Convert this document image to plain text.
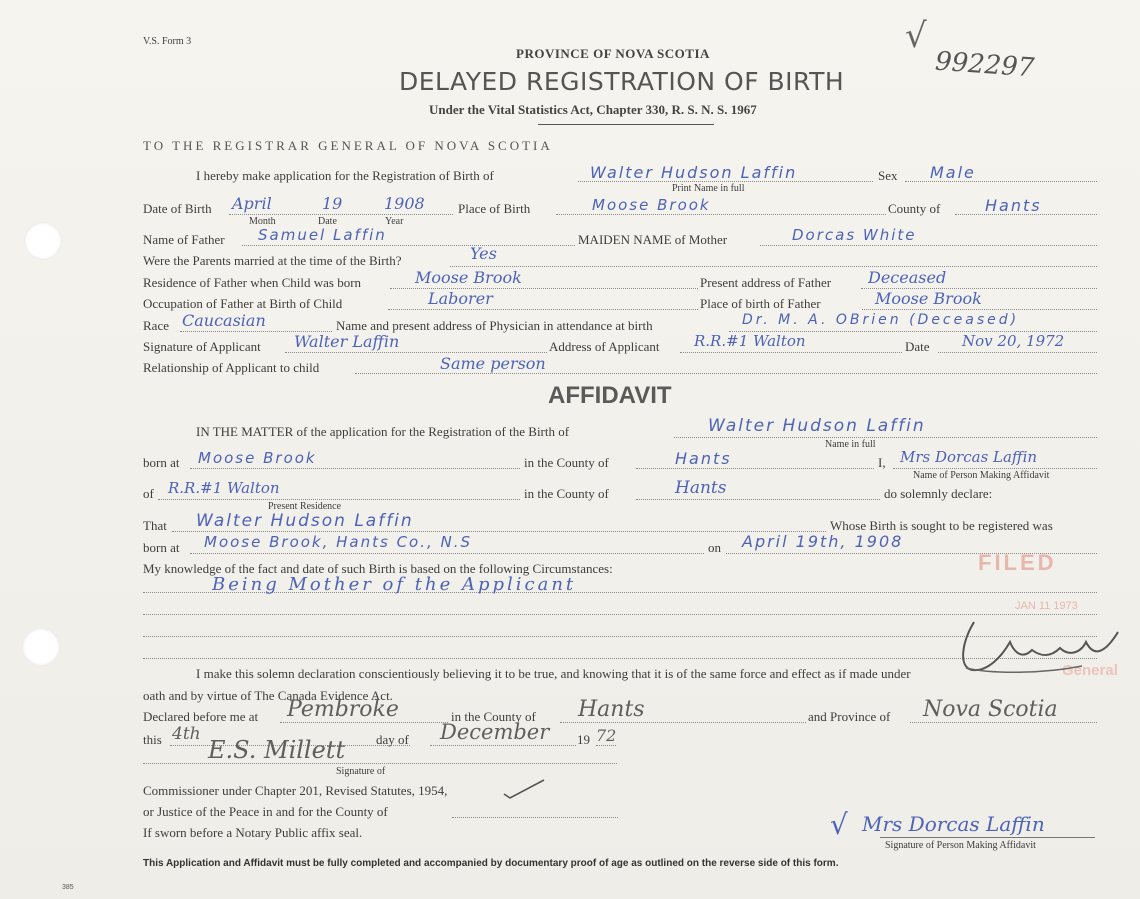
V.S. Form 3
PROVINCE OF NOVA SCOTIA
DELAYED REGISTRATION OF BIRTH
Under the Vital Statistics Act, Chapter 330, R. S. N. S. 1967
√
992297
TO THE REGISTRAR GENERAL OF NOVA SCOTIA
I hereby make application for the Registration of Birth of	Walter Hudson Laffin	Sex Male
Print Name in full
Date of Birth April	19	1908
Month	Date	Year
Place of Birth	Moose Brook	County of	Hants
Name of Father Samuel Laffin	MAIDEN NAME of Mother	Dorcas White
Were the Parents married at the time of the Birth?	Yes
Residence of Father when Child was born	Moose Brook	Present address of Father Deceased
Occupation of Father at Birth of Child	Laborer	Place of birth of Father	Moose Brook
Race Caucasian	Name and present address of Physician in attendance at birth	Dr. M. A. OBrien (Deceased)
Signature of Applicant Walter Laffin	Address of Applicant R.R.#1 Walton	Date Nov 20, 1972
Relationship of Applicant to child	Same person
AFFIDAVIT
IN THE MATTER of the application for the Registration of the Birth of	Walter Hudson Laffin
Name in full
born at Moose Brook	in the County of	Hants	I, Mrs Dorcas Laffin
Name of Person Making Affidavit
of R.R.#1 Walton
Present Residence
in the County of	Hants	do solemnly declare:
That Walter Hudson Laffin	Whose Birth is sought to be registered was
born at Moose Brook, Hants Co., N.S	on April 19th, 1908
My knowledge of the fact and date of such Birth is based on the following Circumstances:
Being Mother of the Applicant
FILED
JAN 11 1973
General
I make this solemn declaration conscientiously believing it to be true, and knowing that it is of the same force and effect as if made under
oath and by virtue of The Canada Evidence Act.
Declared before me at Pembroke	in the County of Hants	and Province of Nova Scotia
this 4th	day of December 19 72
E.S. Millett
Signature of
Commissioner under Chapter 201, Revised Statutes, 1954,
or Justice of the Peace in and for the County of
If sworn before a Notary Public affix seal.	√ Mrs Dorcas Laffin
Signature of Person Making Affidavit
This Application and Affidavit must be fully completed and accompanied by documentary proof of age as outlined on the reverse side of this form.
385
